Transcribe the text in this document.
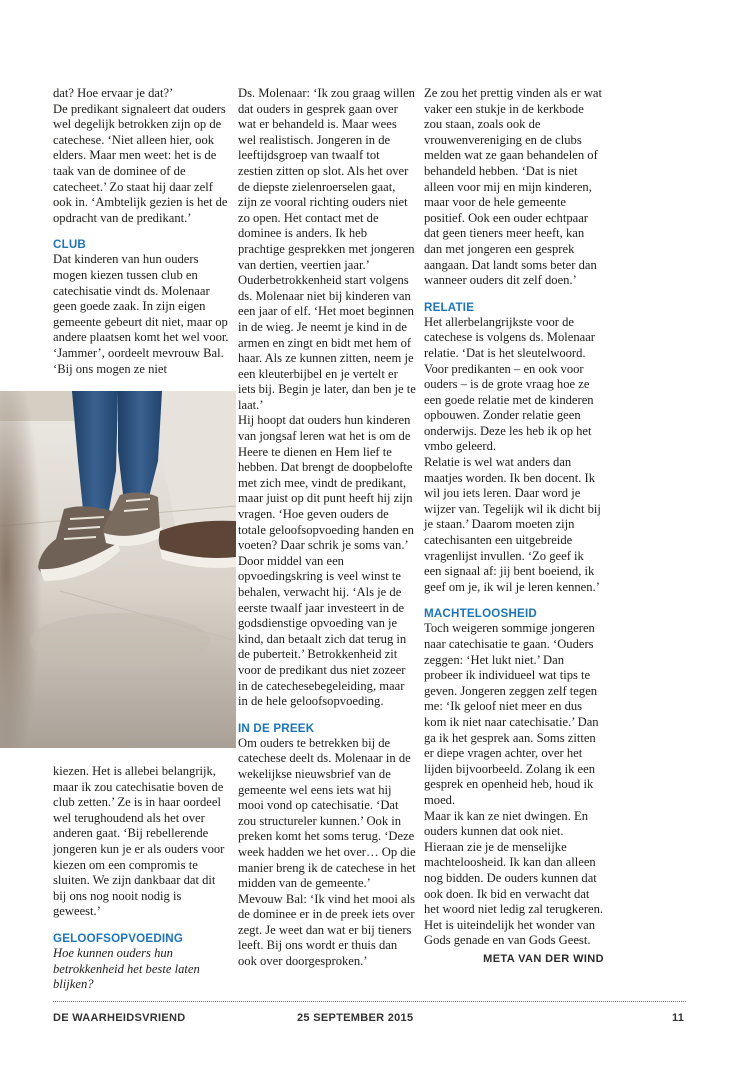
dat? Hoe ervaar je dat?’

De predikant signaleert dat ouders wel degelijk betrokken zijn op de catechese. ‘Niet alleen hier, ook elders. Maar men weet: het is de taak van de dominee of de catecheet.’ Zo staat hij daar zelf ook in. ‘Ambtelijk gezien is het de opdracht van de predikant.’

CLUB

Dat kinderen van hun ouders mogen kiezen tussen club en catechisatie vindt ds. Molenaar geen goede zaak. In zijn eigen gemeente gebeurt dit niet, maar op andere plaatsen komt het wel voor. ‘Jammer’, oordeelt mevrouw Bal. ‘Bij ons mogen ze niet

kiezen. Het is allebei belangrijk, maar ik zou catechisatie boven de club zetten.’ Ze is in haar oordeel wel terughoudend als het over anderen gaat. ‘Bij rebellerende jongeren kun je er als ouders voor kiezen om een compromis te sluiten. We zijn dankbaar dat dit bij ons nog nooit nodig is geweest.’

GELOOFSOPVOEDING

Hoe kunnen ouders hun betrokkenheid het beste laten blijken?

Ds. Molenaar: ‘Ik zou graag willen dat ouders in gesprek gaan over wat er behandeld is. Maar wees wel realistisch. Jongeren in de leeftijdsgroep van twaalf tot zestien zitten op slot. Als het over de diepste zielenroerselen gaat, zijn ze vooral richting ouders niet zo open. Het contact met de dominee is anders. Ik heb prachtige gesprekken met jongeren van dertien, veertien jaar.’

Ouderbetrokkenheid start volgens ds. Molenaar niet bij kinderen van een jaar of elf. ‘Het moet beginnen in de wieg. Je neemt je kind in de armen en zingt en bidt met hem of haar. Als ze kunnen zitten, neem je een kleuterbijbel en je vertelt er iets bij. Begin je later, dan ben je te laat.’

Hij hoopt dat ouders hun kinderen van jongsaf leren wat het is om de Heere te dienen en Hem lief te hebben. Dat brengt de doopbelofte met zich mee, vindt de predikant, maar juist op dit punt heeft hij zijn vragen. ‘Hoe geven ouders de totale geloofsopvoeding handen en voeten? Daar schrik je soms van.’ Door middel van een opvoedingskring is veel winst te behalen, verwacht hij. ‘Als je de eerste twaalf jaar investeert in de godsdienstige opvoeding van je kind, dan betaalt zich dat terug in de puberteit.’ Betrokkenheid zit voor de predikant dus niet zozeer in de catechesebegeleiding, maar in de hele geloofsopvoeding.

IN DE PREEK

Om ouders te betrekken bij de catechese deelt ds. Molenaar in de wekelijkse nieuwsbrief van de gemeente wel eens iets wat hij mooi vond op catechisatie. ‘Dat zou structureler kunnen.’ Ook in preken komt het soms terug. ‘Deze week hadden we het over… Op die manier breng ik de catechese in het midden van de gemeente.’

Mevouw Bal: ‘Ik vind het mooi als de dominee er in de preek iets over zegt. Je weet dan wat er bij tieners leeft. Bij ons wordt er thuis dan ook over doorgesproken.’

Ze zou het prettig vinden als er wat vaker een stukje in de kerkbode zou staan, zoals ook de vrouwenvereniging en de clubs melden wat ze gaan behandelen of behandeld hebben. ‘Dat is niet alleen voor mij en mijn kinderen, maar voor de hele gemeente positief. Ook een ouder echtpaar dat geen tieners meer heeft, kan dan met jongeren een gesprek aangaan. Dat landt soms beter dan wanneer ouders dit zelf doen.’

RELATIE

Het allerbelangrijkste voor de catechese is volgens ds. Molenaar relatie. ‘Dat is het sleutelwoord. Voor predikanten – en ook voor ouders – is de grote vraag hoe ze een goede relatie met de kinderen opbouwen. Zonder relatie geen onderwijs. Deze les heb ik op het vmbo geleerd.

Relatie is wel wat anders dan maatjes worden. Ik ben docent. Ik wil jou iets leren. Daar word je wijzer van. Tegelijk wil ik dicht bij je staan.’ Daarom moeten zijn catechisanten een uitgebreide vragenlijst invullen. ‘Zo geef ik een signaal af: jij bent boeiend, ik geef om je, ik wil je leren kennen.’

MACHTELOOSHEID

Toch weigeren sommige jongeren naar catechisatie te gaan. ‘Ouders zeggen: ‘Het lukt niet.’ Dan probeer ik individueel wat tips te geven. Jongeren zeggen zelf tegen me: ‘Ik geloof niet meer en dus kom ik niet naar catechisatie.’ Dan ga ik het gesprek aan. Soms zitten er diepe vragen achter, over het lijden bijvoorbeeld. Zolang ik een gesprek en openheid heb, houd ik moed.

Maar ik kan ze niet dwingen. En ouders kunnen dat ook niet. Hieraan zie je de menselijke machteloosheid. Ik kan dan alleen nog bidden. De ouders kunnen dat ook doen. Ik bid en verwacht dat het woord niet ledig zal terugkeren. Het is uiteindelijk het wonder van Gods genade en van Gods Geest.

META VAN DER WIND
DE WAARHEIDSVRIEND	25 SEPTEMBER 2015	11
